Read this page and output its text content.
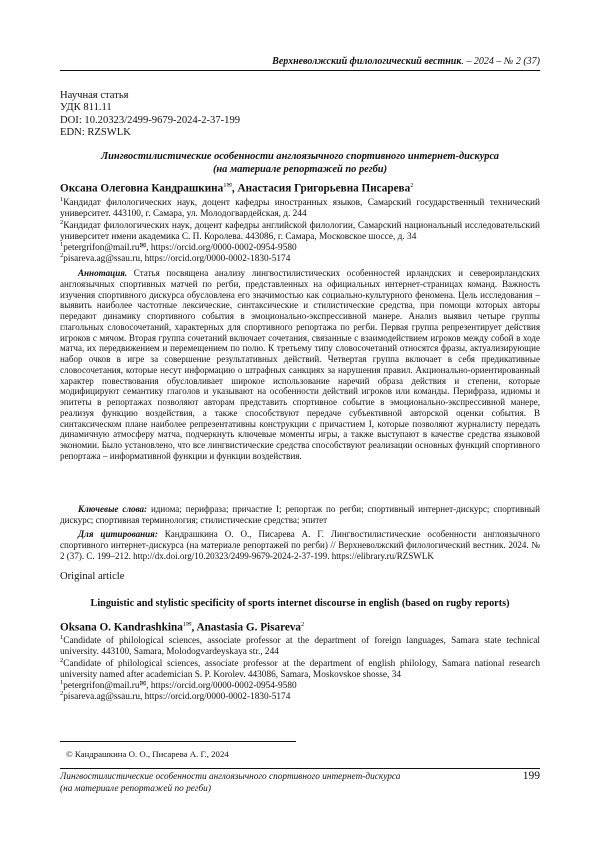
Верхневолжский филологический вестник. – 2024 – № 2 (37)
Научная статья
УДК 811.11
DOI: 10.20323/2499-9679-2024-2-37-199
EDN: RZSWLK
Лингвостилистические особенности англоязычного спортивного интернет-дискурса
(на материале репортажей по регби)
Оксана Олеговна Кандрашкина$^{1✉}$, Анастасия Григорьевна Писарева$^2$
$^1$Кандидат филологических наук, доцент кафедры иностранных языков, Самарский государственный технический университет. 443100, г. Самара, ул. Молодогвардейская, д. 244
$^2$Кандидат филологических наук, доцент кафедры английской филологии, Самарский национальный исследовательский университет имени академика С. П. Королева. 443086, г. Самара, Московское шоссе, д. 34
$^1$petergrifon@mail.ru✉, https://orcid.org/0000-0002-0954-9580
$^2$pisareva.ag@ssau.ru, https://orcid.org/0000-0002-1830-5174
Аннотация. Статья посвящена анализу лингвостилистических особенностей ирландских и североирландских англоязычных спортивных матчей по регби, представленных на официальных интернет-страницах команд. Важность изучения спортивного дискурса обусловлена его значимостью как социально-культурного феномена. Цель исследования – выявить наиболее частотные лексические, синтаксические и стилистические средства, при помощи которых авторы передают динамику спортивного события в эмоционально-экспрессивной манере. Анализ выявил четыре группы глагольных словосочетаний, характерных для спортивного репортажа по регби. Первая группа репрезентирует действия игроков с мячом. Вторая группа сочетаний включает сочетания, связанные с взаимодействием игроков между собой в ходе матча, их передвижением и перемещением по полю. К третьему типу словосочетаний относятся фразы, актуализирующие набор очков в игре за совершение результативных действий. Четвертая группа включает в себя предикативные словосочетания, которые несут информацию о штрафных санкциях за нарушения правил. Акционально-ориентированный характер повествования обусловливает широкое использование наречий образа действия и степени, которые модифицируют семантику глаголов и указывают на особенности действий игроков или команды. Перифраза, идиомы и эпитеты в репортажах позволяют авторам представить спортивное событие в эмоционально-экспрессивной манере, реализуя функцию воздействия, а также способствуют передаче субъективной авторской оценки события. В синтаксическом плане наиболее репрезентативны конструкции с причастием I, которые позволяют журналисту передать динамичную атмосферу матча, подчеркнуть ключевые моменты игры, а также выступают в качестве средства языковой экономии. Было установлено, что все лингвистические средства способствуют реализации основных функций спортивного репортажа – информативной функции и функции воздействия.
Ключевые слова: идиома; перифраза; причастие I; репортаж по регби; спортивный интернет-дискурс; спортивный дискурс; спортивная терминология; стилистические средства; эпитет
Для цитирования: Кандрашкина О. О., Писарева А. Г. Лингвостилистические особенности англоязычного спортивного интернет-дискурса (на материале репортажей по регби) // Верхневолжский филологический вестник. 2024. № 2 (37). С. 199–212. http://dx.doi.org/10.20323/2499-9679-2024-2-37-199. https://elibrary.ru/RZSWLK
Original article
Linguistic and stylistic specificity of sports internet discourse in english (based on rugby reports)
Oksana O. Kandrashkina$^{1✉}$, Anastasia G. Pisareva$^2$
$^1$Candidate of philological sciences, associate professor at the department of foreign languages, Samara state technical university. 443100, Samara, Molodogvardeyskaya str., 244
$^2$Candidate of philological sciences, associate professor at the department of english philology, Samara national research university named after academician S. P. Korolev. 443086, Samara, Moskovskoe shosse, 34
$^1$petergrifon@mail.ru✉, https://orcid.org/0000-0002-0954-9580
$^2$pisareva.ag@ssau.ru, https://orcid.org/0000-0002-1830-5174
© Кандрашкина О. О., Писарева А. Г., 2024
Лингвостилистические особенности англоязычного спортивного интернет-дискурса
(на материале репортажей по регби)
199
